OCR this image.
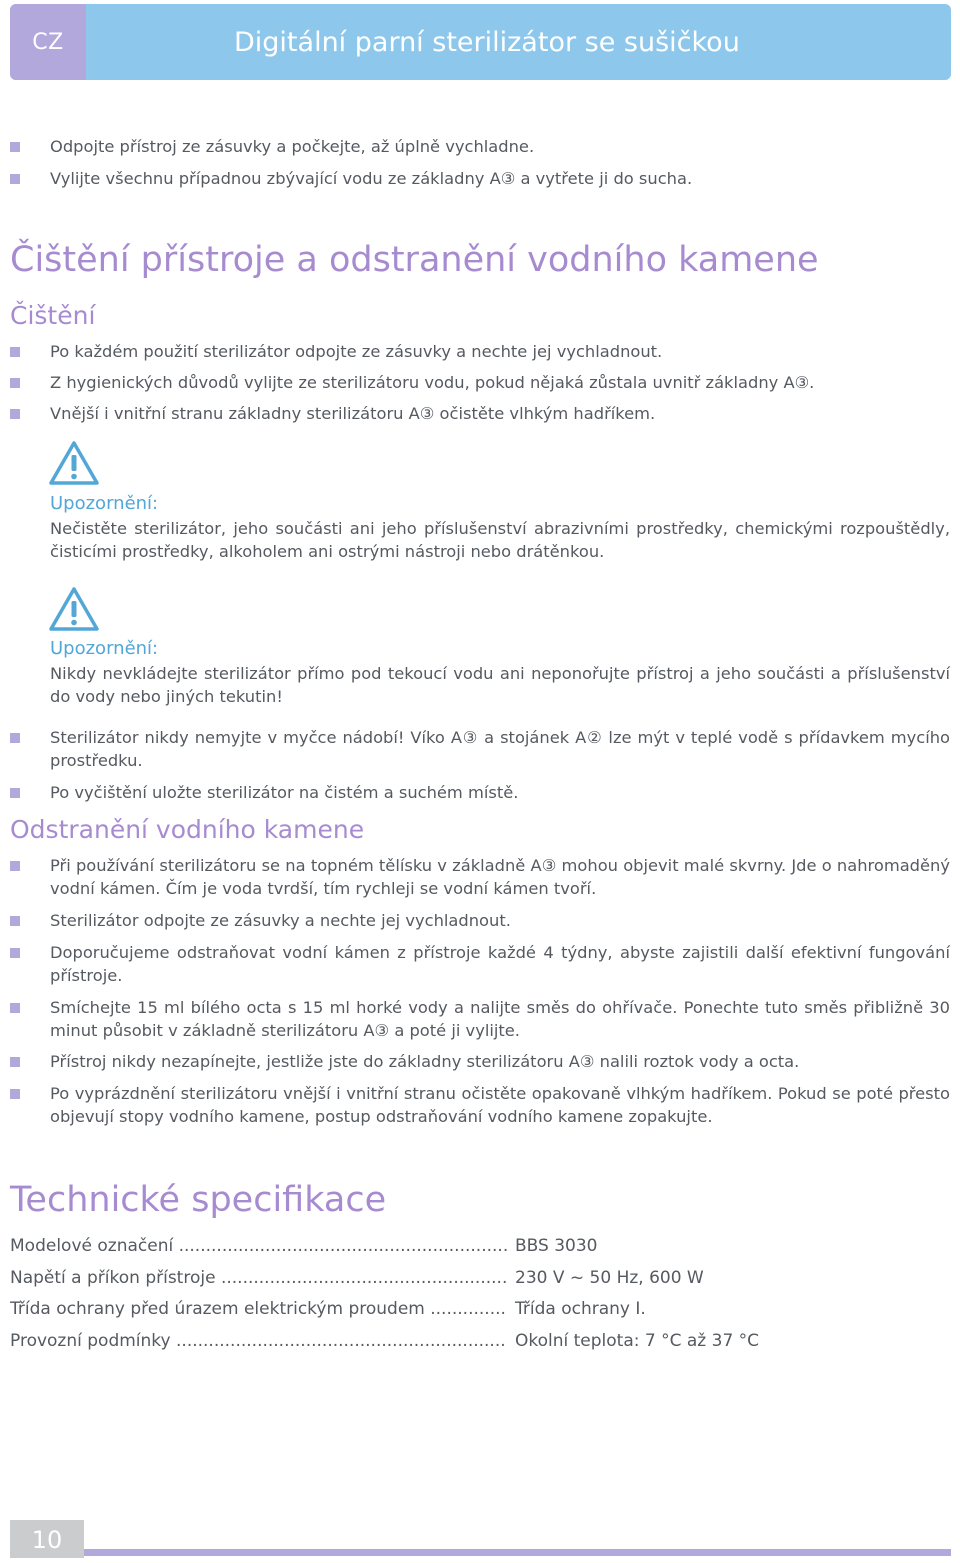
CZ	Digitální parní sterilizátor se sušičkou
Odpojte přístroj ze zásuvky a počkejte, až úplně vychladne.
Vylijte všechnu případnou zbývající vodu ze základny A③ a vytřete ji do sucha.
Čištění přístroje a odstranění vodního kamene
Čištění
Po každém použití sterilizátor odpojte ze zásuvky a nechte jej vychladnout.
Z hygienických důvodů vylijte ze sterilizátoru vodu, pokud nějaká zůstala uvnitř základny A③.
Vnější i vnitřní stranu základny sterilizátoru A③ očistěte vlhkým hadříkem.
Upozornění:
Nečistěte sterilizátor, jeho součásti ani jeho příslušenství abrazivními prostředky, chemickými rozpouštědly, čisticími prostředky, alkoholem ani ostrými nástroji nebo drátěnkou.
Upozornění:
Nikdy nevkládejte sterilizátor přímo pod tekoucí vodu ani neponořujte přístroj a jeho součásti a příslušenství do vody nebo jiných tekutin!
Sterilizátor nikdy nemyjte v myčce nádobí! Víko A③ a stojánek A② lze mýt v teplé vodě s přídavkem mycího prostředku.
Po vyčištění uložte sterilizátor na čistém a suchém místě.
Odstranění vodního kamene
Při používání sterilizátoru se na topném tělísku v základně A③ mohou objevit malé skvrny. Jde o nahromaděný vodní kámen. Čím je voda tvrdší, tím rychleji se vodní kámen tvoří.
Sterilizátor odpojte ze zásuvky a nechte jej vychladnout.
Doporučujeme odstraňovat vodní kámen z přístroje každé 4 týdny, abyste zajistili další efektivní fungování přístroje.
Smíchejte 15 ml bílého octa s 15 ml horké vody a nalijte směs do ohřívače. Ponechte tuto směs přibližně 30 minut působit v základně sterilizátoru A③ a poté ji vylijte.
Přístroj nikdy nezapínejte, jestliže jste do základny sterilizátoru A③ nalili roztok vody a octa.
Po vyprázdnění sterilizátoru vnější i vnitřní stranu očistěte opakovaně vlhkým hadříkem. Pokud se poté přesto objevují stopy vodního kamene, postup odstraňování vodního kamene zopakujte.
Technické specifikace
Modelové označení .....	BBS 3030
Napětí a příkon přístroje .....	230 V ~ 50 Hz, 600 W
Třída ochrany před úrazem elektrickým proudem .....	Třída ochrany I.
Provozní podmínky .....	Okolní teplota: 7 °C až 37 °C
10
